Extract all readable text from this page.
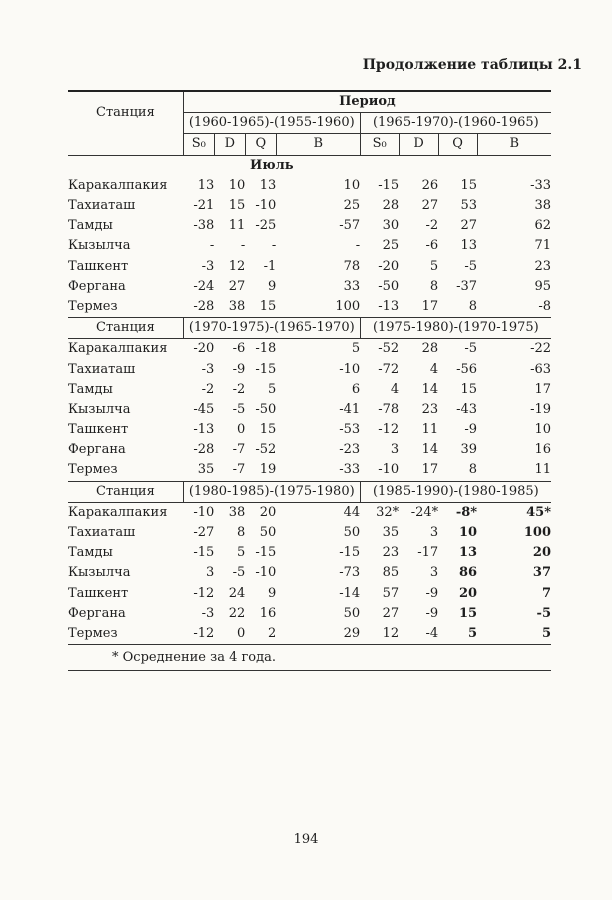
Продолжение таблицы 2.1
Станция	Период							
	(1960-1965)-(1955-1960)				(1965-1970)-(1960-1965)			
	S₀	D	Q	B	S₀	D	Q	B
	Июль							
Каракалпакия	13	10	13	10	-15	26	15	-33
Тахиаташ	-21	15	-10	25	28	27	53	38
Тамды	-38	11	-25	-57	30	-2	27	62
Кызылча	-	-	-	-	25	-6	13	71
Ташкент	-3	12	-1	78	-20	5	-5	23
Фергана	-24	27	9	33	-50	8	-37	95
Термез	-28	38	15	100	-13	17	8	-8
Станция	(1970-1975)-(1965-1970)				(1975-1980)-(1970-1975)			
Каракалпакия	-20	-6	-18	5	-52	28	-5	-22
Тахиаташ	-3	-9	-15	-10	-72	4	-56	-63
Тамды	-2	-2	5	6	4	14	15	17
Кызылча	-45	-5	-50	-41	-78	23	-43	-19
Ташкент	-13	0	15	-53	-12	11	-9	10
Фергана	-28	-7	-52	-23	3	14	39	16
Термез	35	-7	19	-33	-10	17	8	11
Станция	(1980-1985)-(1975-1980)				(1985-1990)-(1980-1985)			
Каракалпакия	-10	38	20	44	32*	-24*	-8*	45*
Тахиаташ	-27	8	50	50	35	3	10	100
Тамды	-15	5	-15	-15	23	-17	13	20
Кызылча	3	-5	-10	-73	85	3	86	37
Ташкент	-12	24	9	-14	57	-9	20	7
Фергана	-3	22	16	50	27	-9	15	-5
Термез	-12	0	2	29	12	-4	5	5
* Осреднение за 4 года.
194
